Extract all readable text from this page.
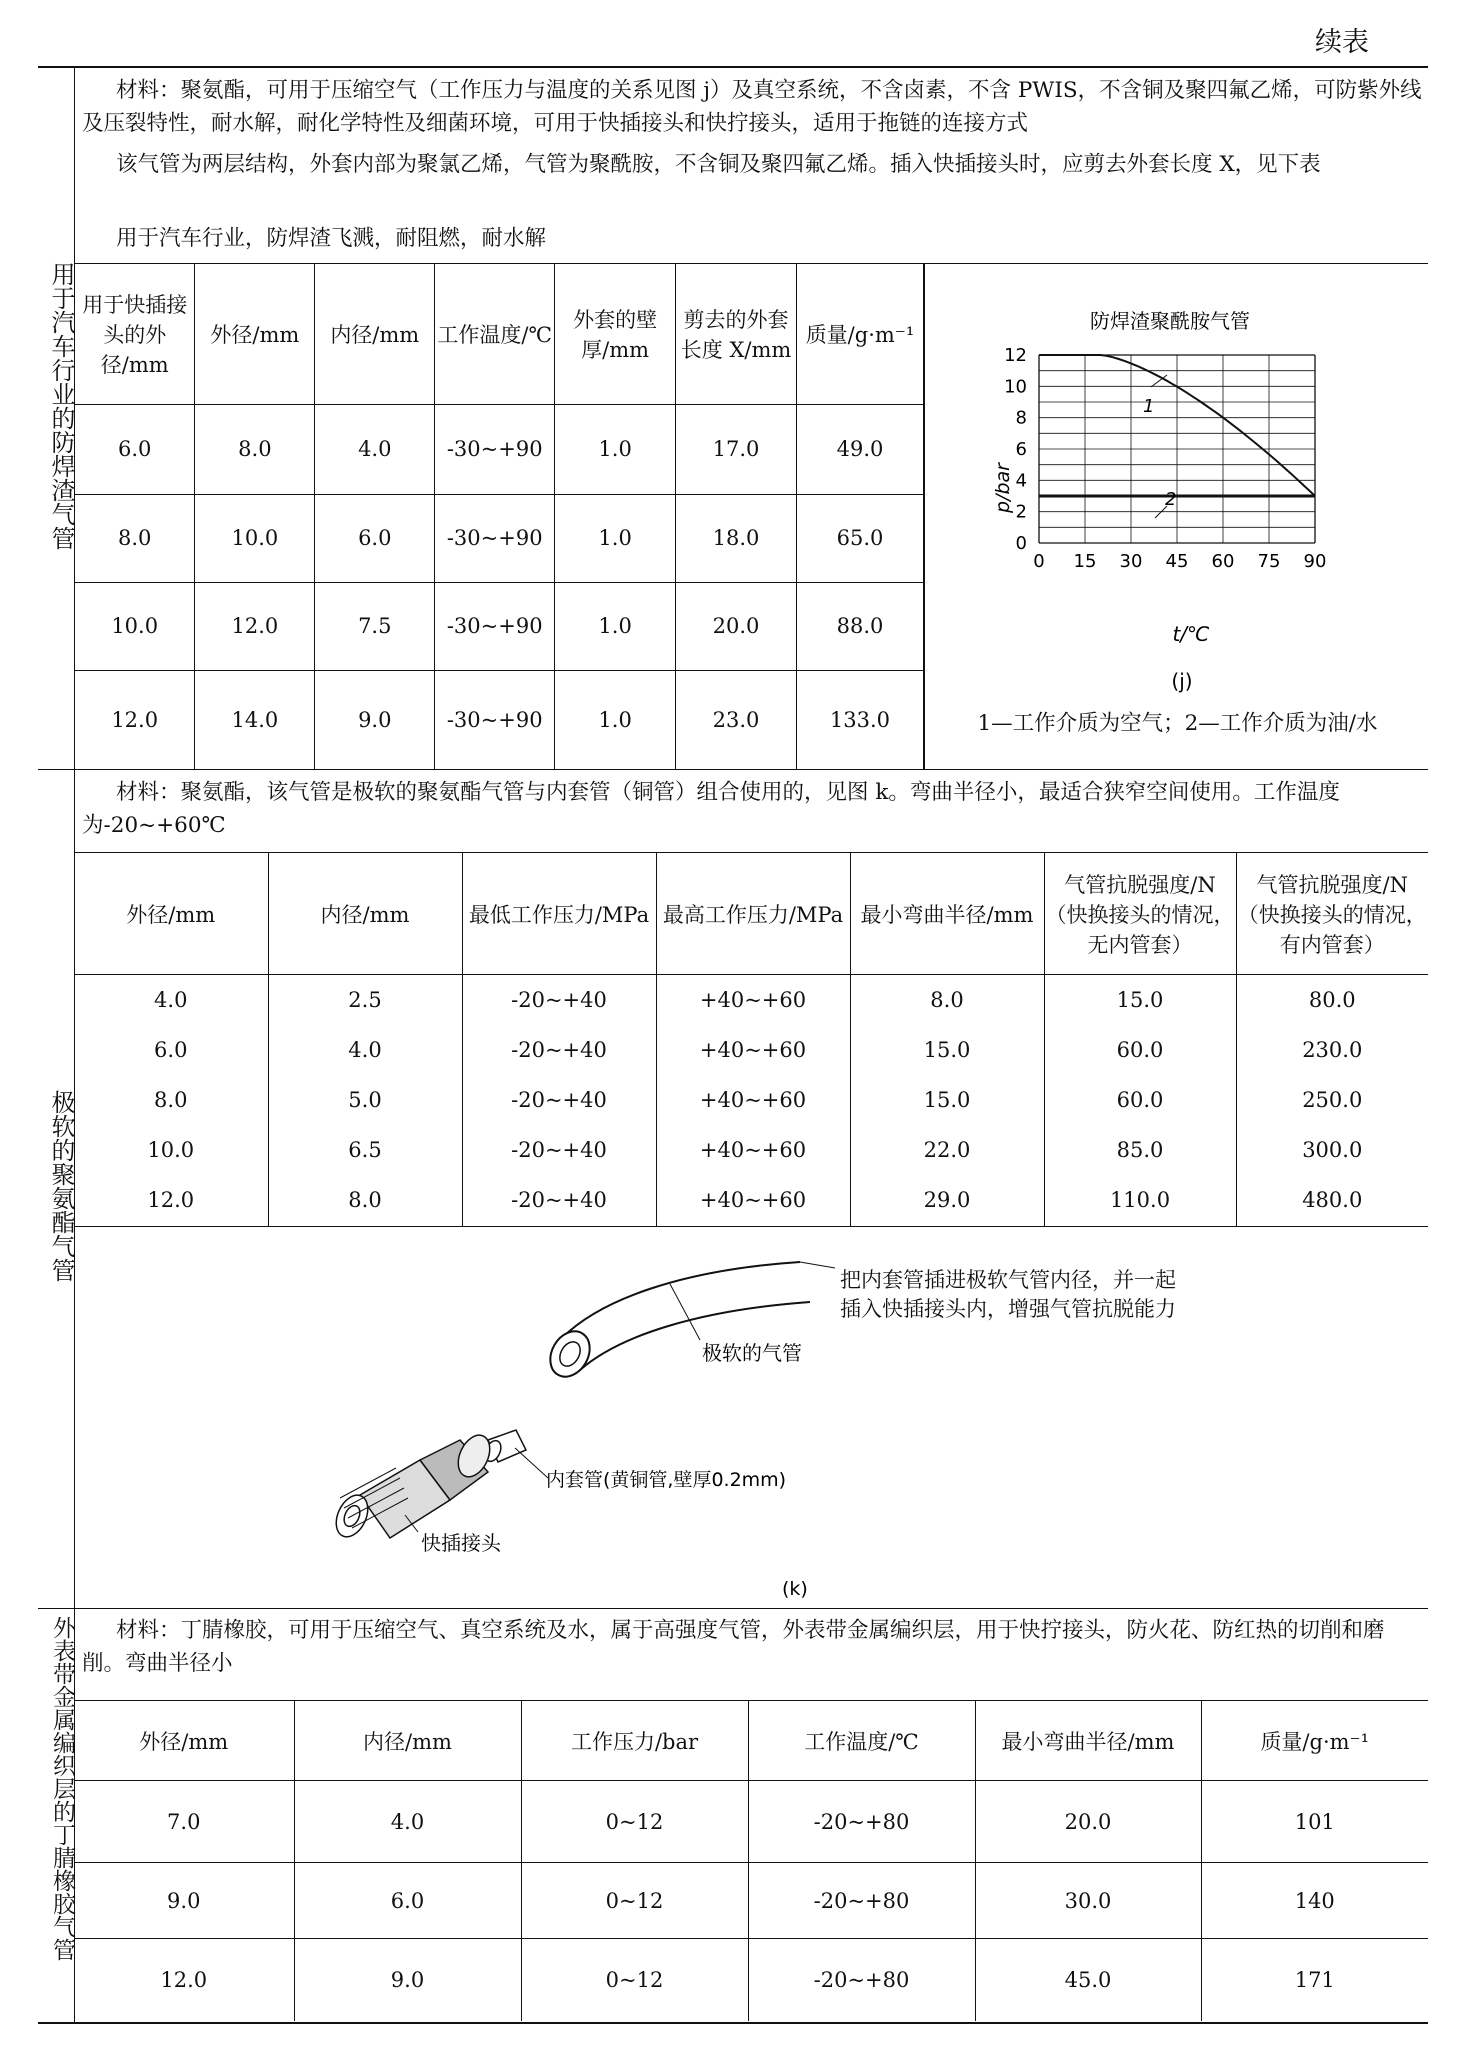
续表
用于汽车行业的防焊渣气管
材料：聚氨酯，可用于压缩空气（工作压力与温度的关系见图 j）及真空系统，不含卤素，不含 PWIS，不含铜及聚四氟乙烯，可防紫外线及压裂特性，耐水解，耐化学特性及细菌环境，可用于快插接头和快拧接头，适用于拖链的连接方式
该气管为两层结构，外套内部为聚氯乙烯，气管为聚酰胺，不含铜及聚四氟乙烯。插入快插接头时，应剪去外套长度 X，见下表
用于汽车行业，防焊渣飞溅，耐阻燃，耐水解
用于快插接头的外径/mm	外径/mm	内径/mm	工作温度/℃	外套的壁厚/mm	剪去的外套长度 X/mm	质量/g·m⁻¹
6.0	8.0	4.0	-30~+90	1.0	17.0	49.0
8.0	10.0	6.0	-30~+90	1.0	18.0	65.0
10.0	12.0	7.5	-30~+90	1.0	20.0	88.0
12.0	14.0	9.0	-30~+90	1.0	23.0	133.0
防焊渣聚酰胺气管
0
2
4
6
8
10
12
0 15 30 45 60 75 90
p/bar
t/℃
1
2
(j)
1—工作介质为空气；2—工作介质为油/水
极软的聚氨酯气管
材料：聚氨酯，该气管是极软的聚氨酯气管与内套管（铜管）组合使用的，见图 k。弯曲半径小，最适合狭窄空间使用。工作温度为-20~+60℃
外径/mm	内径/mm	最低工作压力/MPa	最高工作压力/MPa	最小弯曲半径/mm	气管抗脱强度/N（快换接头的情况，无内管套）	气管抗脱强度/N（快换接头的情况，有内管套）
4.0	2.5	-20~+40	+40~+60	8.0	15.0	80.0
6.0	4.0	-20~+40	+40~+60	15.0	60.0	230.0
8.0	5.0	-20~+40	+40~+60	15.0	60.0	250.0
10.0	6.5	-20~+40	+40~+60	22.0	85.0	300.0
12.0	8.0	-20~+40	+40~+60	29.0	110.0	480.0
极软的气管
内套管(黄铜管,壁厚0.2mm)
快插接头
(k)
把内套管插进极软气管内径，并一起插入快插接头内，增强气管抗脱能力
外表带金属编织层的丁腈橡胶气管	材料：丁腈橡胶，可用于压缩空气、真空系统及水，属于高强度气管，外表带金属编织层，用于快拧接头，防火花、防红热的切削和磨削。弯曲半径小
外径/mm	内径/mm	工作压力/bar	工作温度/℃	最小弯曲半径/mm	质量/g·m⁻¹
7.0	4.0	0~12	-20~+80	20.0	101
9.0	6.0	0~12	-20~+80	30.0	140
12.0	9.0	0~12	-20~+80	45.0	171
